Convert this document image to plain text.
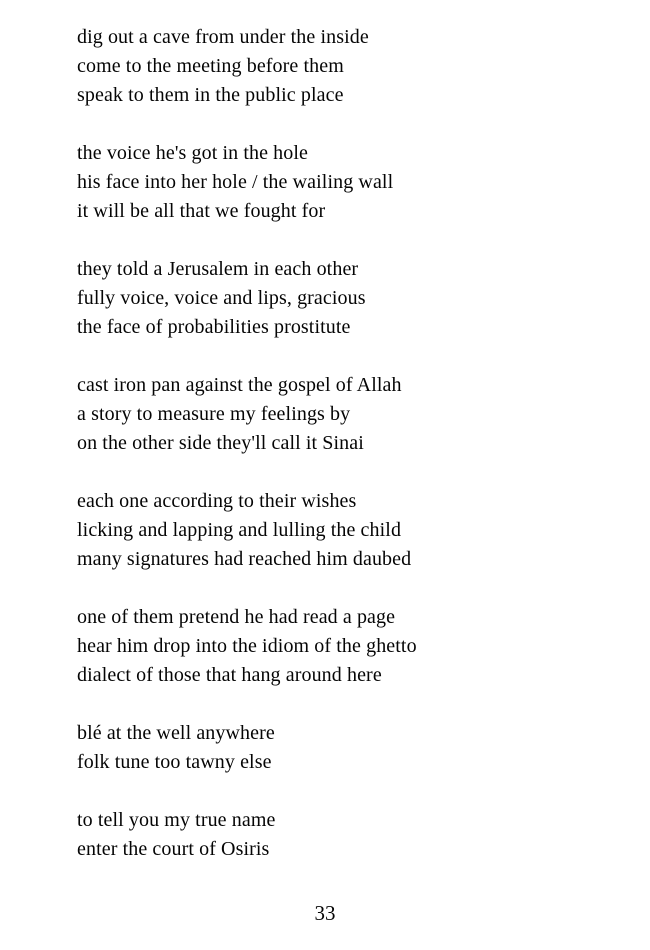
dig out a cave from under the inside
come to the meeting before them
speak to them in the public place
the voice he's got in the hole
his face into her hole / the wailing wall
it will be all that we fought for
they told a Jerusalem in each other
fully voice, voice and lips, gracious
the face of probabilities prostitute
cast iron pan against the gospel of Allah
a story to measure my feelings by
on the other side they'll call it Sinai
each one according to their wishes
licking and lapping and lulling the child
many signatures had reached him daubed
one of them pretend he had read a page
hear him drop into the idiom of the ghetto
dialect of those that hang around here
blé at the well anywhere
folk tune too tawny else
to tell you my true name
enter the court of Osiris
33
